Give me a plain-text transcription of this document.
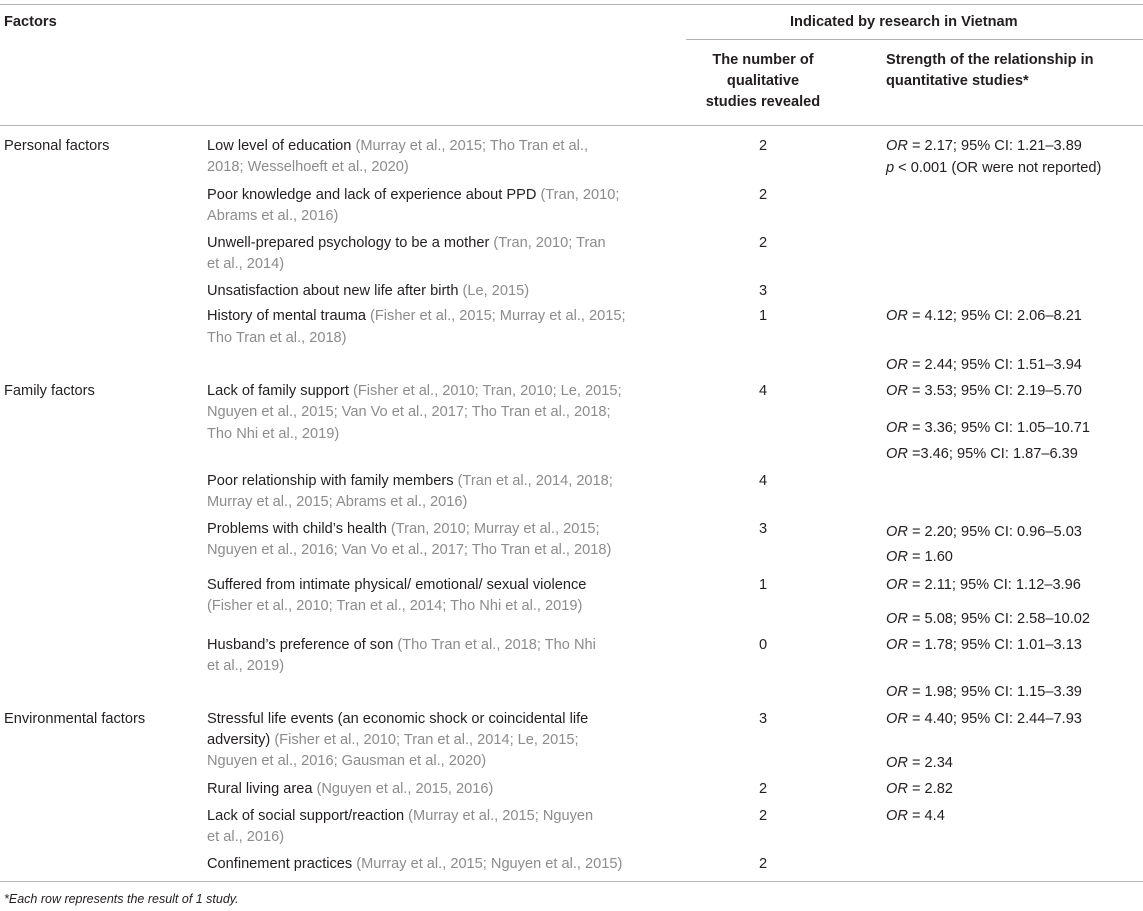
Factors	Indicated by research in Vietnam
The number of
qualitative
studies revealed
Strength of the relationship in
quantitative studies*
Personal factors
Family factors
Environmental factors
Low level of education (Murray et al., 2015; Tho Tran et al.,
2018; Wesselhoeft et al., 2020)
Poor knowledge and lack of experience about PPD (Tran, 2010;
Abrams et al., 2016)
Unwell-prepared psychology to be a mother (Tran, 2010; Tran
et al., 2014)
Unsatisfaction about new life after birth (Le, 2015)
History of mental trauma (Fisher et al., 2015; Murray et al., 2015;
Tho Tran et al., 2018)
Lack of family support (Fisher et al., 2010; Tran, 2010; Le, 2015;
Nguyen et al., 2015; Van Vo et al., 2017; Tho Tran et al., 2018;
Tho Nhi et al., 2019)
Poor relationship with family members (Tran et al., 2014, 2018;
Murray et al., 2015; Abrams et al., 2016)
Problems with child’s health (Tran, 2010; Murray et al., 2015;
Nguyen et al., 2016; Van Vo et al., 2017; Tho Tran et al., 2018)
Suffered from intimate physical/ emotional/ sexual violence
(Fisher et al., 2010; Tran et al., 2014; Tho Nhi et al., 2019)
Husband’s preference of son (Tho Tran et al., 2018; Tho Nhi
et al., 2019)
Stressful life events (an economic shock or coincidental life
adversity) (Fisher et al., 2010; Tran et al., 2014; Le, 2015;
Nguyen et al., 2016; Gausman et al., 2020)
Rural living area (Nguyen et al., 2015, 2016)
Lack of social support/reaction (Murray et al., 2015; Nguyen
et al., 2016)
Confinement practices (Murray et al., 2015; Nguyen et al., 2015)
2
2
2
3
1
4
4
3
1
0
3
2
2
2
OR = 2.17; 95% CI: 1.21–3.89
p < 0.001 (OR were not reported)
OR = 4.12; 95% CI: 2.06–8.21
OR = 2.44; 95% CI: 1.51–3.94
OR = 3.53; 95% CI: 2.19–5.70
OR = 3.36; 95% CI: 1.05–10.71
OR =3.46; 95% CI: 1.87–6.39
OR = 2.20; 95% CI: 0.96–5.03
OR = 1.60
OR = 2.11; 95% CI: 1.12–3.96
OR = 5.08; 95% CI: 2.58–10.02
OR = 1.78; 95% CI: 1.01–3.13
OR = 1.98; 95% CI: 1.15–3.39
OR = 4.40; 95% CI: 2.44–7.93
OR = 2.34
OR = 2.82
OR = 4.4
*Each row represents the result of 1 study.
